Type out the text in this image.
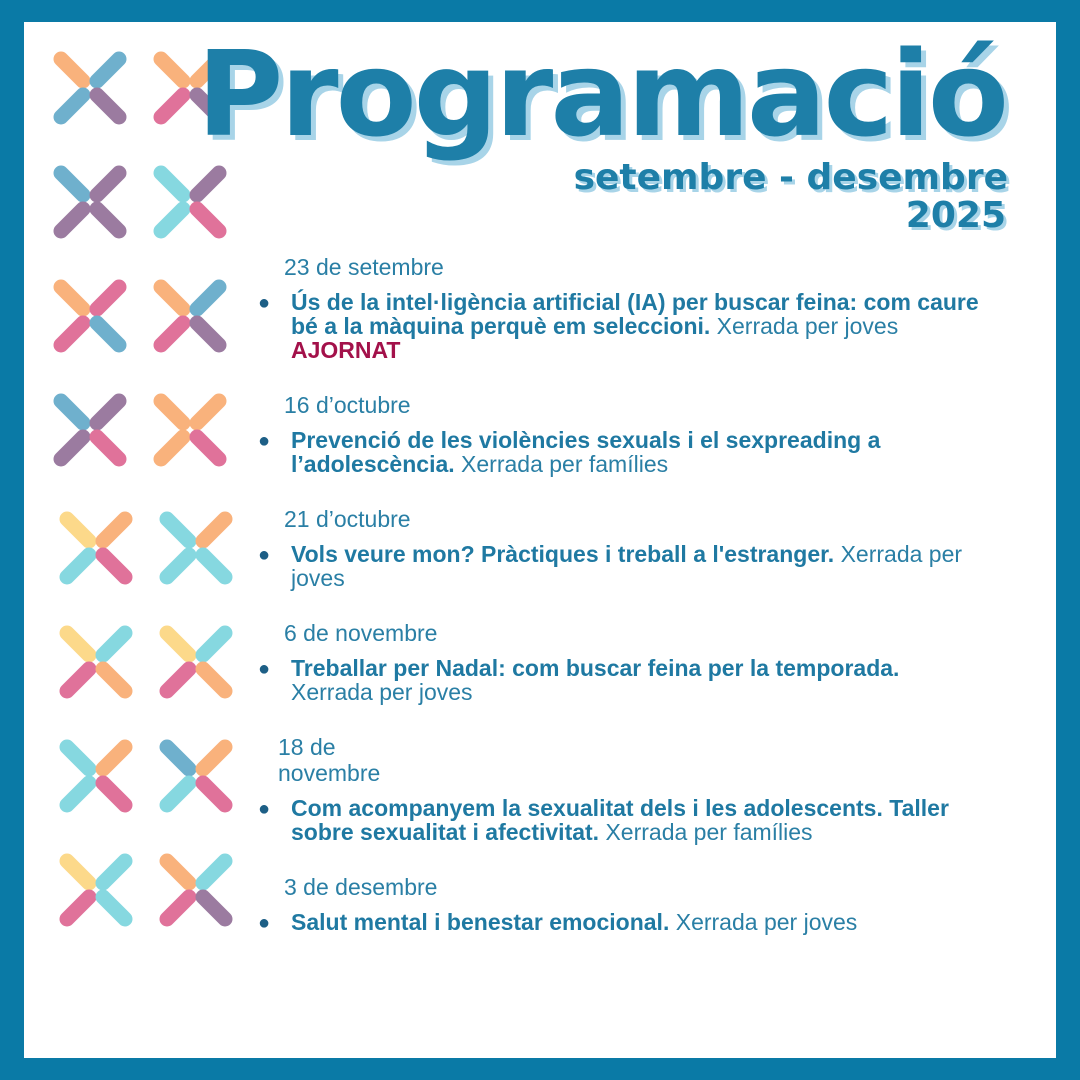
Programació
setembre - desembre
2025
23 de setembre
● Ús de la intel·ligència artificial (IA) per buscar feina: com caure bé a la màquina perquè em seleccioni. Xerrada per joves AJORNAT
16 d’octubre
● Prevenció de les violències sexuals i el sexpreading a l’adolescència. Xerrada per famílies
21 d’octubre
● Vols veure mon? Pràctiques i treball a l'estranger. Xerrada per joves
6 de novembre
● Treballar per Nadal: com buscar feina per la temporada. Xerrada per joves
18 de novembre
● Com acompanyem la sexualitat dels i les adolescents. Taller sobre sexualitat i afectivitat. Xerrada per famílies
3 de desembre
● Salut mental i benestar emocional. Xerrada per joves
